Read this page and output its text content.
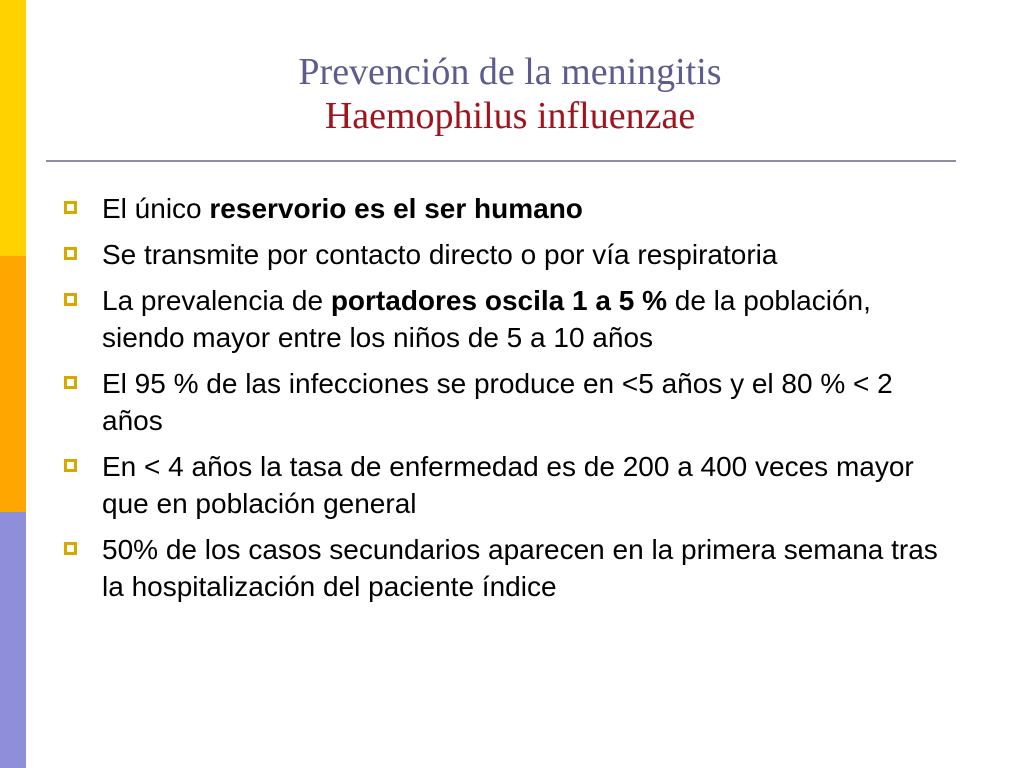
Prevención de la meningitis
Haemophilus influenzae
El único reservorio es el ser humano
Se transmite por contacto directo o por vía respiratoria
La prevalencia de portadores oscila 1 a 5 % de la población, siendo mayor entre los niños de 5 a 10 años
El 95 % de las infecciones se produce en <5 años y el 80 % < 2 años
En < 4 años la tasa de enfermedad es de 200 a 400 veces mayor que en población general
50% de los casos secundarios aparecen en la primera semana tras la hospitalización del paciente índice
